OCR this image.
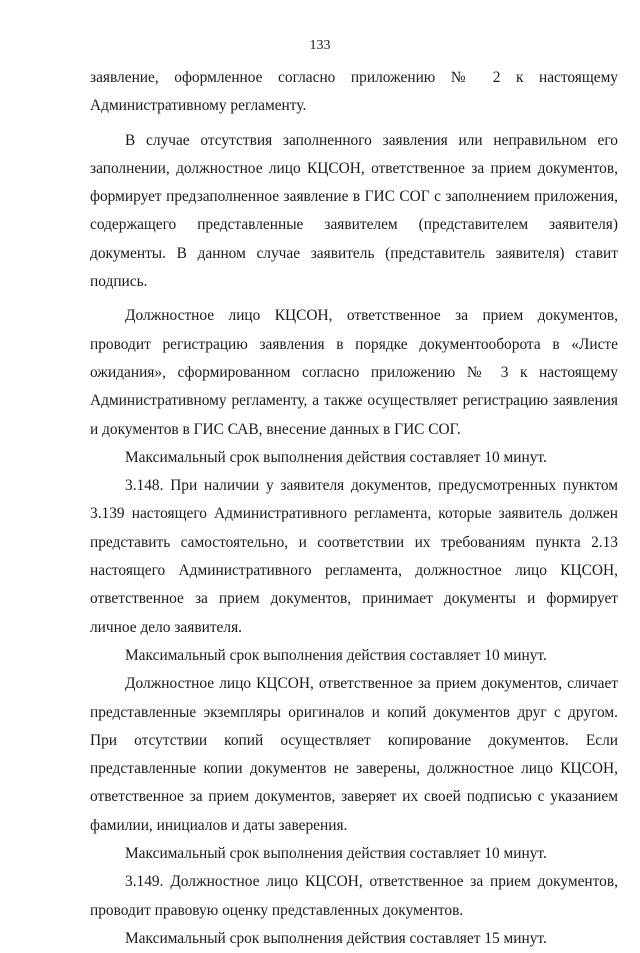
133

заявление, оформленное согласно приложению № 2 к настоящему Административному регламенту.

В случае отсутствия заполненного заявления или неправильном его заполнении, должностное лицо КЦСОН, ответственное за прием документов, формирует предзаполненное заявление в ГИС СОГ с заполнением приложения, содержащего представленные заявителем (представителем заявителя) документы. В данном случае заявитель (представитель заявителя) ставит подпись.

Должностное лицо КЦСОН, ответственное за прием документов, проводит регистрацию заявления в порядке документооборота в «Листе ожидания», сформированном согласно приложению № 3 к настоящему Административному регламенту, а также осуществляет регистрацию заявления и документов в ГИС САВ, внесение данных в ГИС СОГ.

Максимальный срок выполнения действия составляет 10 минут.

3.148. При наличии у заявителя документов, предусмотренных пунктом 3.139 настоящего Административного регламента, которые заявитель должен представить самостоятельно, и соответствии их требованиям пункта 2.13 настоящего Административного регламента, должностное лицо КЦСОН, ответственное за прием документов, принимает документы и формирует личное дело заявителя.

Максимальный срок выполнения действия составляет 10 минут.

Должностное лицо КЦСОН, ответственное за прием документов, сличает представленные экземпляры оригиналов и копий документов друг с другом. При отсутствии копий осуществляет копирование документов. Если представленные копии документов не заверены, должностное лицо КЦСОН, ответственное за прием документов, заверяет их своей подписью с указанием фамилии, инициалов и даты заверения.

Максимальный срок выполнения действия составляет 10 минут.

3.149. Должностное лицо КЦСОН, ответственное за прием документов, проводит правовую оценку представленных документов.

Максимальный срок выполнения действия составляет 15 минут.
